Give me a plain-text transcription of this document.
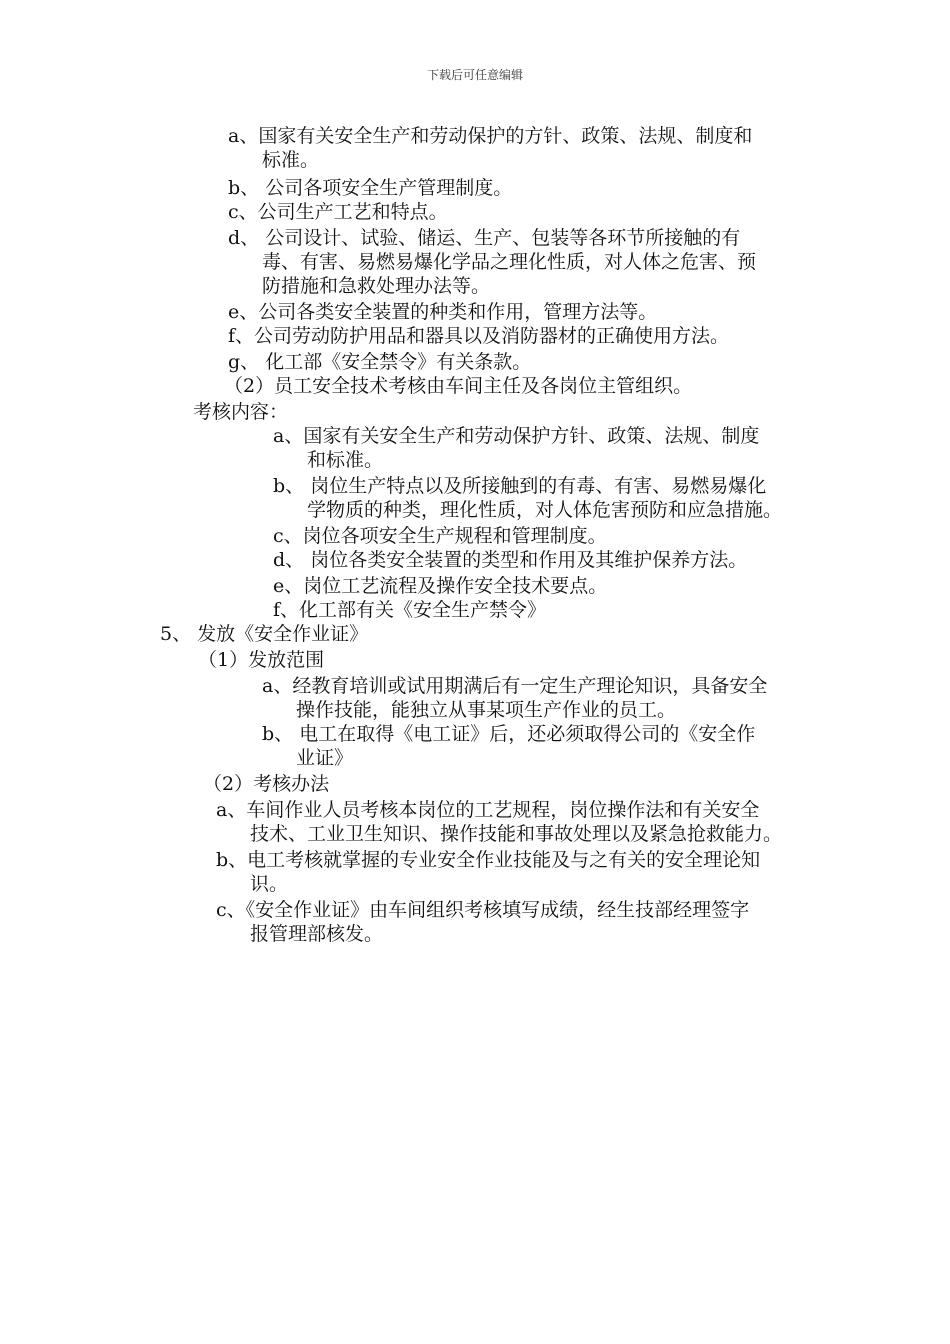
下载后可任意编辑
a、国家有关安全生产和劳动保护的方针、政策、法规、制度和
标准。
b、 公司各项安全生产管理制度。
c、公司生产工艺和特点。
d、 公司设计、试验、储运、生产、包装等各环节所接触的有
毒、有害、易燃易爆化学品之理化性质，对人体之危害、预
防措施和急救处理办法等。
e、公司各类安全装置的种类和作用，管理方法等。
f、公司劳动防护用品和器具以及消防器材的正确使用方法。
g、 化工部《安全禁令》有关条款。
（2）员工安全技术考核由车间主任及各岗位主管组织。
考核内容：
a、国家有关安全生产和劳动保护方针、政策、法规、制度
和标准。
b、 岗位生产特点以及所接触到的有毒、有害、易燃易爆化
学物质的种类，理化性质，对人体危害预防和应急措施。
c、岗位各项安全生产规程和管理制度。
d、 岗位各类安全装置的类型和作用及其维护保养方法。
e、岗位工艺流程及操作安全技术要点。
f、化工部有关《安全生产禁令》
5、 发放《安全作业证》
（1）发放范围
a、经教育培训或试用期满后有一定生产理论知识，具备安全
操作技能，能独立从事某项生产作业的员工。
b、 电工在取得《电工证》后，还必须取得公司的《安全作
业证》
（2）考核办法
a、车间作业人员考核本岗位的工艺规程，岗位操作法和有关安全
技术、工业卫生知识、操作技能和事故处理以及紧急抢救能力。
b、电工考核就掌握的专业安全作业技能及与之有关的安全理论知
识。
c、《安全作业证》由车间组织考核填写成绩，经生技部经理签字
报管理部核发。
